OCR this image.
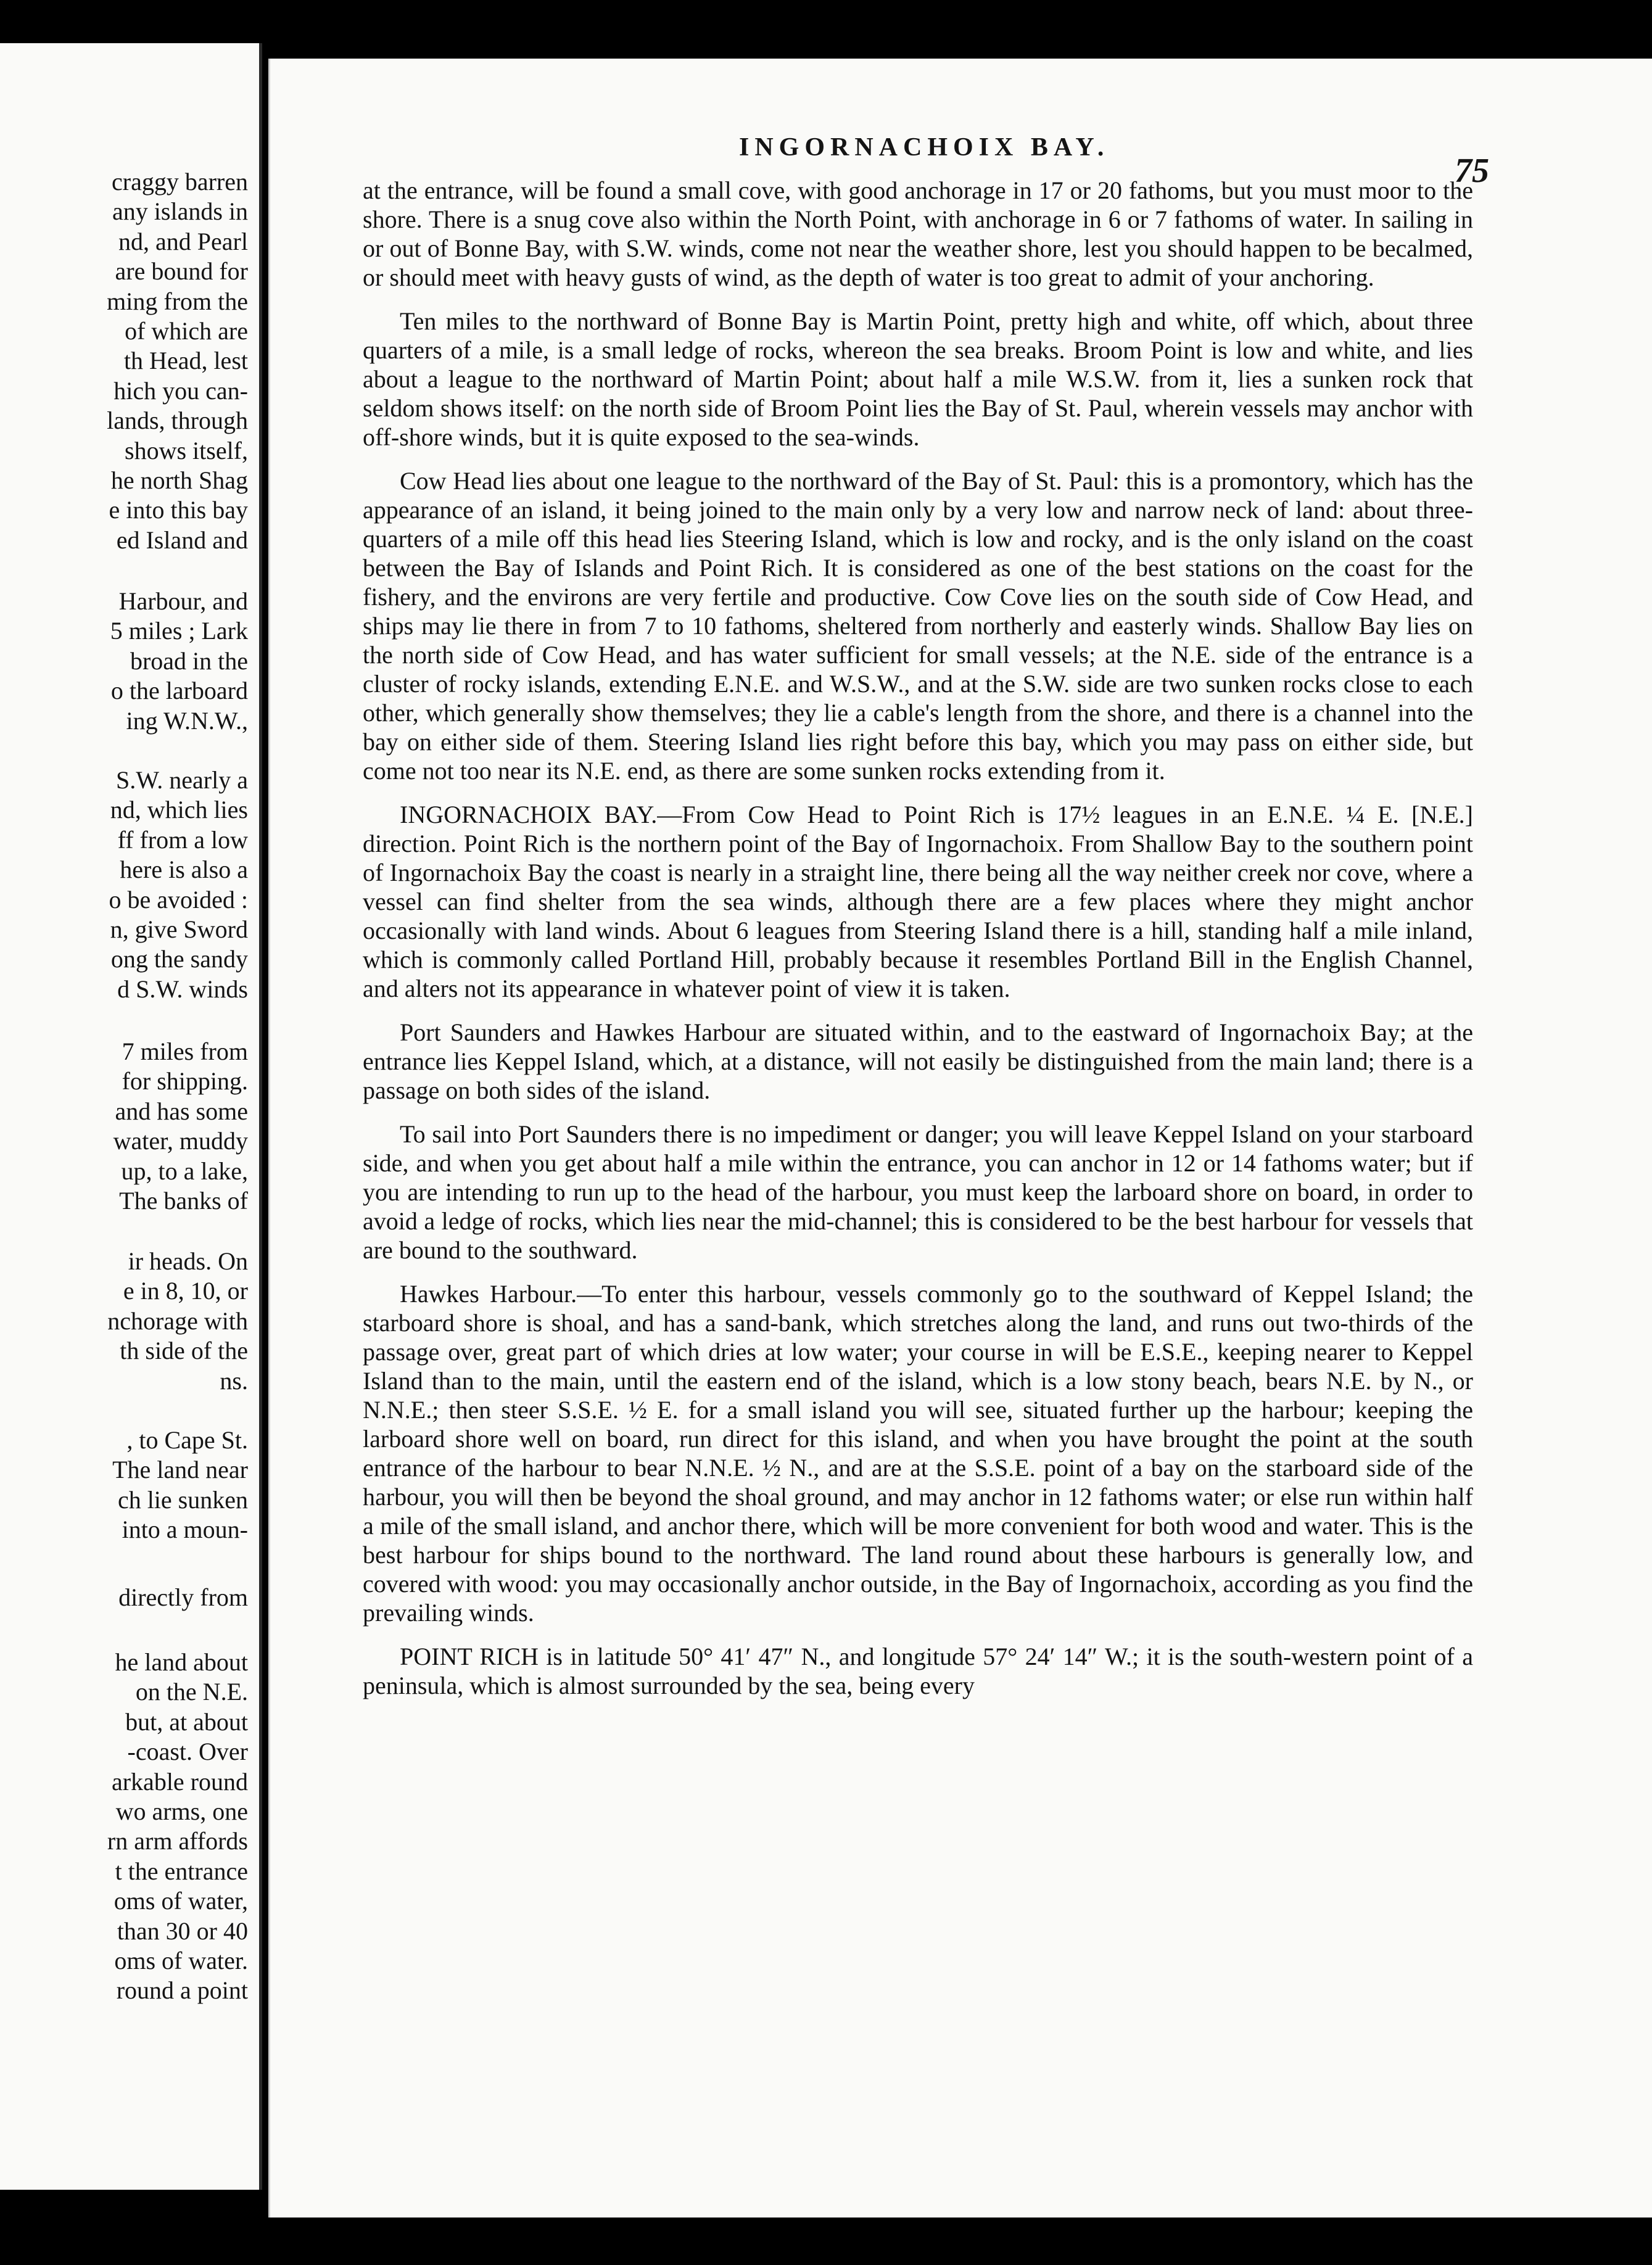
craggy barren
any islands in
nd, and Pearl
are bound for
ming from the
of which are
th Head, lest
hich you can-
lands, through
shows itself,
he north Shag
e into this bay
ed Island and
Harbour, and
5 miles ; Lark
broad in the
o the larboard
ing W.N.W.,
S.W. nearly a
nd, which lies
ff from a low
here is also a
o be avoided :
n, give Sword
ong the sandy
d S.W. winds
7 miles from
for shipping.
and has some
water, muddy
up, to a lake,
The banks of
ir heads. On
e in 8, 10, or
nchorage with
th side of the
ns.
, to Cape St.
The land near
ch lie sunken
into a moun-
directly from
he land about
on the N.E.
but, at about
-coast. Over
arkable round
wo arms, one
rn arm affords
t the entrance
oms of water,
than 30 or 40
oms of water.
round a point
INGORNACHOIX BAY.
75

at the entrance, will be found a small cove, with good anchorage in 17 or 20 fathoms, but you must moor to the shore. There is a snug cove also within the North Point, with anchorage in 6 or 7 fathoms of water. In sailing in or out of Bonne Bay, with S.W. winds, come not near the weather shore, lest you should happen to be becalmed, or should meet with heavy gusts of wind, as the depth of water is too great to admit of your anchoring.

Ten miles to the northward of Bonne Bay is Martin Point, pretty high and white, off which, about three quarters of a mile, is a small ledge of rocks, whereon the sea breaks. Broom Point is low and white, and lies about a league to the northward of Martin Point; about half a mile W.S.W. from it, lies a sunken rock that seldom shows itself: on the north side of Broom Point lies the Bay of St. Paul, wherein vessels may anchor with off-shore winds, but it is quite exposed to the sea-winds.

Cow Head lies about one league to the northward of the Bay of St. Paul: this is a promontory, which has the appearance of an island, it being joined to the main only by a very low and narrow neck of land: about three-quarters of a mile off this head lies Steering Island, which is low and rocky, and is the only island on the coast between the Bay of Islands and Point Rich. It is considered as one of the best stations on the coast for the fishery, and the environs are very fertile and productive. Cow Cove lies on the south side of Cow Head, and ships may lie there in from 7 to 10 fathoms, sheltered from northerly and easterly winds. Shallow Bay lies on the north side of Cow Head, and has water sufficient for small vessels; at the N.E. side of the entrance is a cluster of rocky islands, extending E.N.E. and W.S.W., and at the S.W. side are two sunken rocks close to each other, which generally show themselves; they lie a cable's length from the shore, and there is a channel into the bay on either side of them. Steering Island lies right before this bay, which you may pass on either side, but come not too near its N.E. end, as there are some sunken rocks extending from it.

INGORNACHOIX BAY.—From Cow Head to Point Rich is 17½ leagues in an E.N.E. ¼ E. [N.E.] direction. Point Rich is the northern point of the Bay of Ingornachoix. From Shallow Bay to the southern point of Ingornachoix Bay the coast is nearly in a straight line, there being all the way neither creek nor cove, where a vessel can find shelter from the sea winds, although there are a few places where they might anchor occasionally with land winds. About 6 leagues from Steering Island there is a hill, standing half a mile inland, which is commonly called Portland Hill, probably because it resembles Portland Bill in the English Channel, and alters not its appearance in whatever point of view it is taken.

Port Saunders and Hawkes Harbour are situated within, and to the eastward of Ingornachoix Bay; at the entrance lies Keppel Island, which, at a distance, will not easily be distinguished from the main land; there is a passage on both sides of the island.

To sail into Port Saunders there is no impediment or danger; you will leave Keppel Island on your starboard side, and when you get about half a mile within the entrance, you can anchor in 12 or 14 fathoms water; but if you are intending to run up to the head of the harbour, you must keep the larboard shore on board, in order to avoid a ledge of rocks, which lies near the mid-channel; this is considered to be the best harbour for vessels that are bound to the southward.

Hawkes Harbour.—To enter this harbour, vessels commonly go to the southward of Keppel Island; the starboard shore is shoal, and has a sand-bank, which stretches along the land, and runs out two-thirds of the passage over, great part of which dries at low water; your course in will be E.S.E., keeping nearer to Keppel Island than to the main, until the eastern end of the island, which is a low stony beach, bears N.E. by N., or N.N.E.; then steer S.S.E. ½ E. for a small island you will see, situated further up the harbour; keeping the larboard shore well on board, run direct for this island, and when you have brought the point at the south entrance of the harbour to bear N.N.E. ½ N., and are at the S.S.E. point of a bay on the starboard side of the harbour, you will then be beyond the shoal ground, and may anchor in 12 fathoms water; or else run within half a mile of the small island, and anchor there, which will be more convenient for both wood and water. This is the best harbour for ships bound to the northward. The land round about these harbours is generally low, and covered with wood: you may occasionally anchor outside, in the Bay of Ingornachoix, according as you find the prevailing winds.

POINT RICH is in latitude 50° 41′ 47″ N., and longitude 57° 24′ 14″ W.; it is the south-western point of a peninsula, which is almost surrounded by the sea, being every
